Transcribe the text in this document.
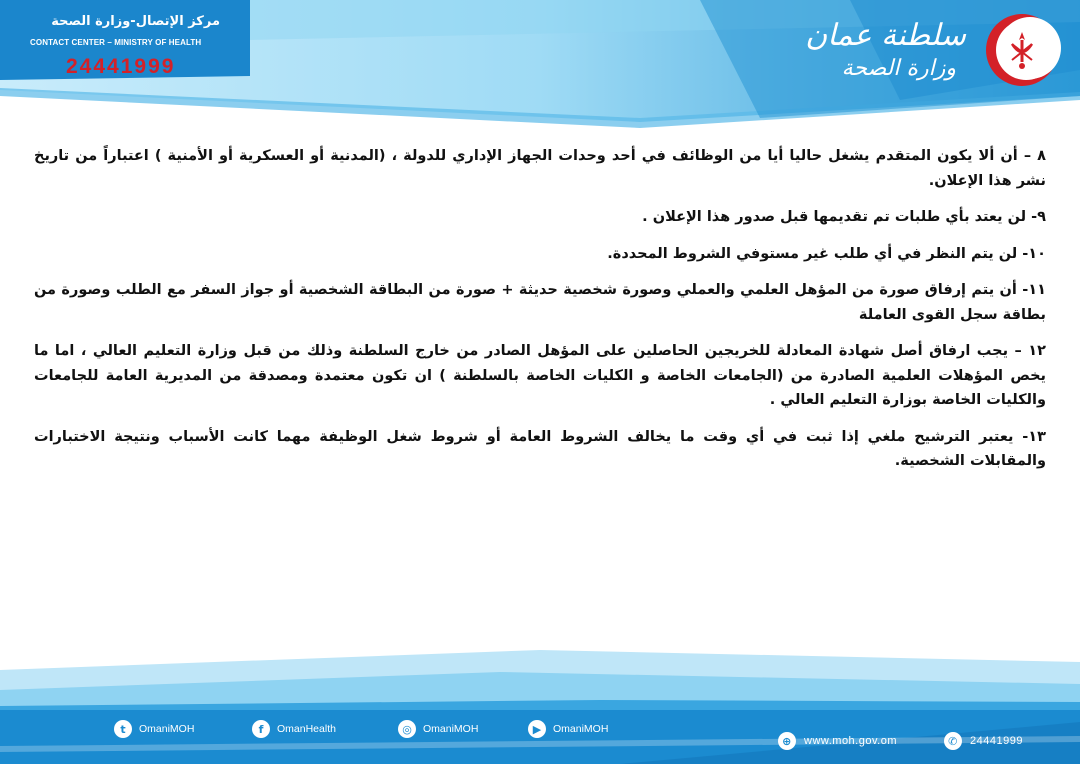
مركز الإتصال-وزارة الصحة
CONTACT CENTER – MINISTRY OF HEALTH
24441999
سلطنة عمان
وزارة الصحة

٨ – أن ألا يكون المتقدم يشغل حاليا أيا من الوظائف في أحد وحدات الجهاز الإداري للدولة ، (المدنية أو العسكرية أو الأمنية ) اعتباراً من تاريخ نشر هذا الإعلان.

٩- لن يعتد بأي طلبات تم تقديمها قبل صدور هذا الإعلان .

١٠- لن يتم النظر في أي طلب غير مستوفي الشروط المحددة.

١١- أن يتم إرفاق صورة من المؤهل العلمي والعملي وصورة شخصية حديثة + صورة من البطاقة الشخصية أو جواز السفر مع الطلب وصورة من بطاقة سجل القوى العاملة

١٢ – يجب ارفاق أصل شهادة المعادلة للخريجين الحاصلين على المؤهل الصادر من خارج السلطنة وذلك من قبل وزارة التعليم العالي ، اما ما يخص المؤهلات العلمية الصادرة من (الجامعات الخاصة و الكليات الخاصة بالسلطنة ) ان تكون معتمدة ومصدقة من المديرية العامة للجامعات والكليات الخاصة بوزارة التعليم العالي .

١٣- يعتبر الترشيح ملغي إذا ثبت في أي وقت ما يخالف الشروط العامة أو شروط شغل الوظيفة مهما كانت الأسباب ونتيجة الاختبارات والمقابلات الشخصية.

t	OmaniMOH	f	OmanHealth	◎	OmaniMOH	▶	OmaniMOH
⊕	www.moh.gov.om	✆	24441999
